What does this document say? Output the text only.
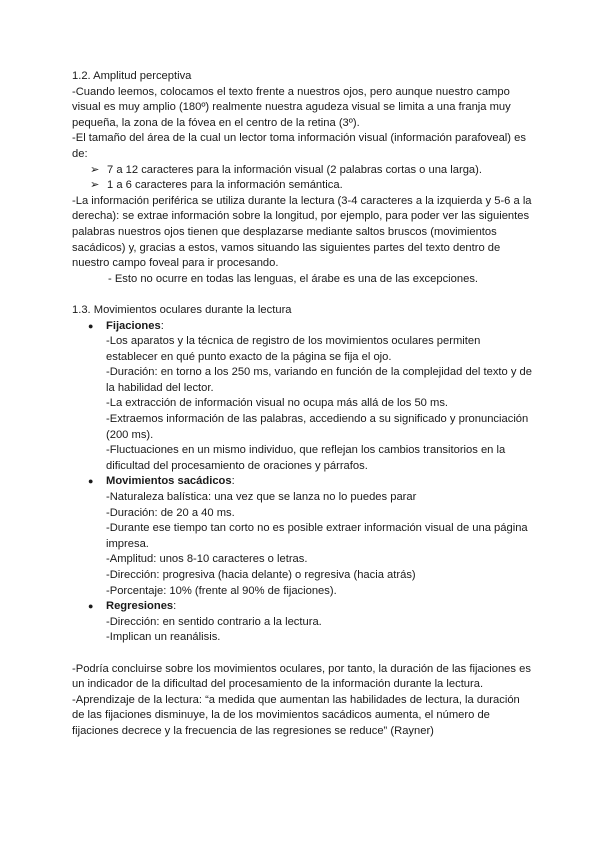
1.2. Amplitud perceptiva

-Cuando leemos, colocamos el texto frente a nuestros ojos, pero aunque nuestro campo visual es muy amplio (180º) realmente nuestra agudeza visual se limita a una franja muy pequeña, la zona de la fóvea en el centro de la retina (3º).

-El tamaño del área de la cual un lector toma información visual (información parafoveal) es de:

➢ 7 a 12 caracteres para la información visual (2 palabras cortas o una larga).
➢ 1 a 6 caracteres para la información semántica.

-La información periférica se utiliza durante la lectura (3-4 caracteres a la izquierda y 5-6 a la derecha): se extrae información sobre la longitud, por ejemplo, para poder ver las siguientes palabras nuestros ojos tienen que desplazarse mediante saltos bruscos (movimientos sacádicos) y, gracias a estos, vamos situando las siguientes partes del texto dentro de nuestro campo foveal para ir procesando.

- Esto no ocurre en todas las lenguas, el árabe es una de las excepciones.

1.3. Movimientos oculares durante la lectura

●	Fijaciones:

-Los aparatos y la técnica de registro de los movimientos oculares permiten establecer en qué punto exacto de la página se fija el ojo.

-Duración: en torno a los 250 ms, variando en función de la complejidad del texto y de la habilidad del lector.

-La extracción de información visual no ocupa más allá de los 50 ms.

-Extraemos información de las palabras, accediendo a su significado y pronunciación (200 ms).

-Fluctuaciones en un mismo individuo, que reflejan los cambios transitorios en la dificultad del procesamiento de oraciones y párrafos.

●	Movimientos sacádicos:

-Naturaleza balística: una vez que se lanza no lo puedes parar

-Duración: de 20 a 40 ms.

-Durante ese tiempo tan corto no es posible extraer información visual de una página impresa.

-Amplitud: unos 8-10 caracteres o letras.

-Dirección: progresiva (hacia delante) o regresiva (hacia atrás)

-Porcentaje: 10% (frente al 90% de fijaciones).

●	Regresiones:

-Dirección: en sentido contrario a la lectura.

-Implican un reanálisis.

-Podría concluirse sobre los movimientos oculares, por tanto, la duración de las fijaciones es un indicador de la dificultad del procesamiento de la información durante la lectura.

-Aprendizaje de la lectura: “a medida que aumentan las habilidades de lectura, la duración de las fijaciones disminuye, la de los movimientos sacádicos aumenta, el número de fijaciones decrece y la frecuencia de las regresiones se reduce” (Rayner)
